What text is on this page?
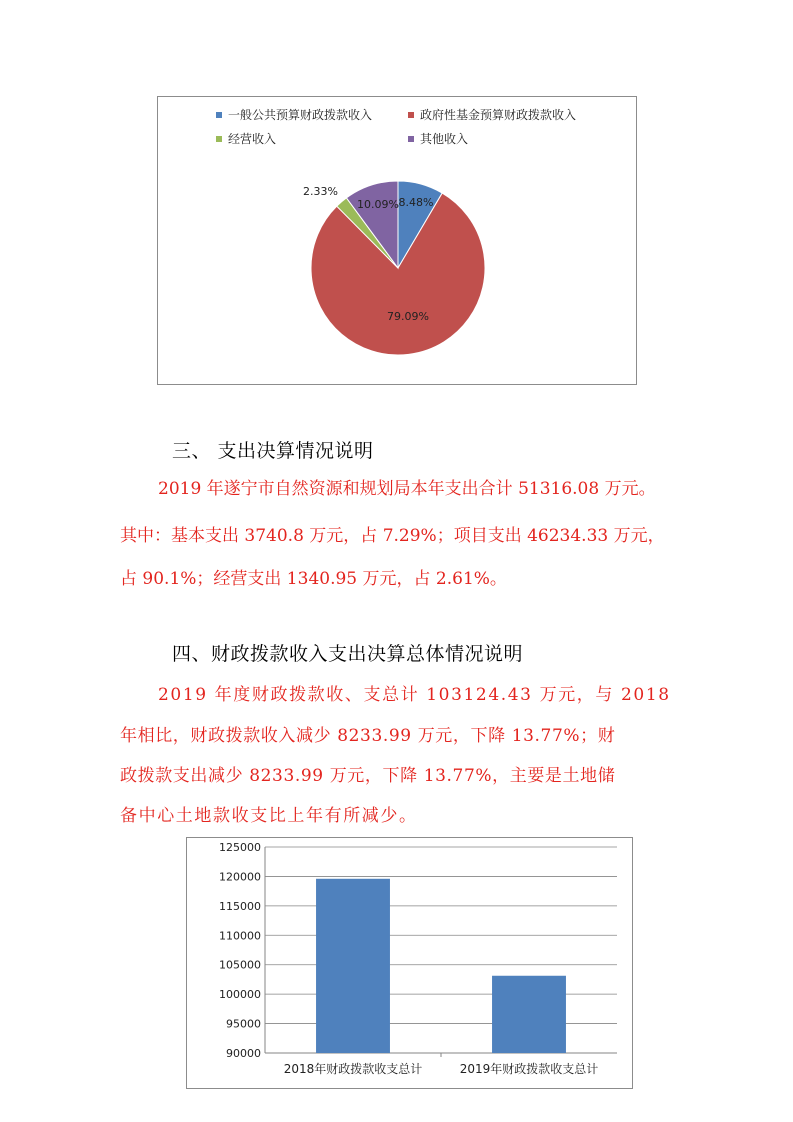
一般公共预算财政拨款收入	政府性基金预算财政拨款收入
经营收入	其他收入
8.48%
79.09%
2.33%
10.09%
三、 支出决算情况说明
2019 年遂宁市自然资源和规划局本年支出合计 51316.08 万元。
其中：基本支出 3740.8 万元，占 7.29%；项目支出 46234.33 万元，
占 90.1%；经营支出 1340.95 万元，占 2.61%。
四、财政拨款收入支出决算总体情况说明
2019 年度财政拨款收、支总计 103124.43 万元，与 2018
年相比，财政拨款收入减少 8233.99 万元，下降 13.77%；财
政拨款支出减少 8233.99 万元，下降 13.77%，主要是土地储
备中心土地款收支比上年有所减少。
125000
120000
115000
110000
105000
100000
95000
90000
2018年财政拨款收支总计	2019年财政拨款收支总计
